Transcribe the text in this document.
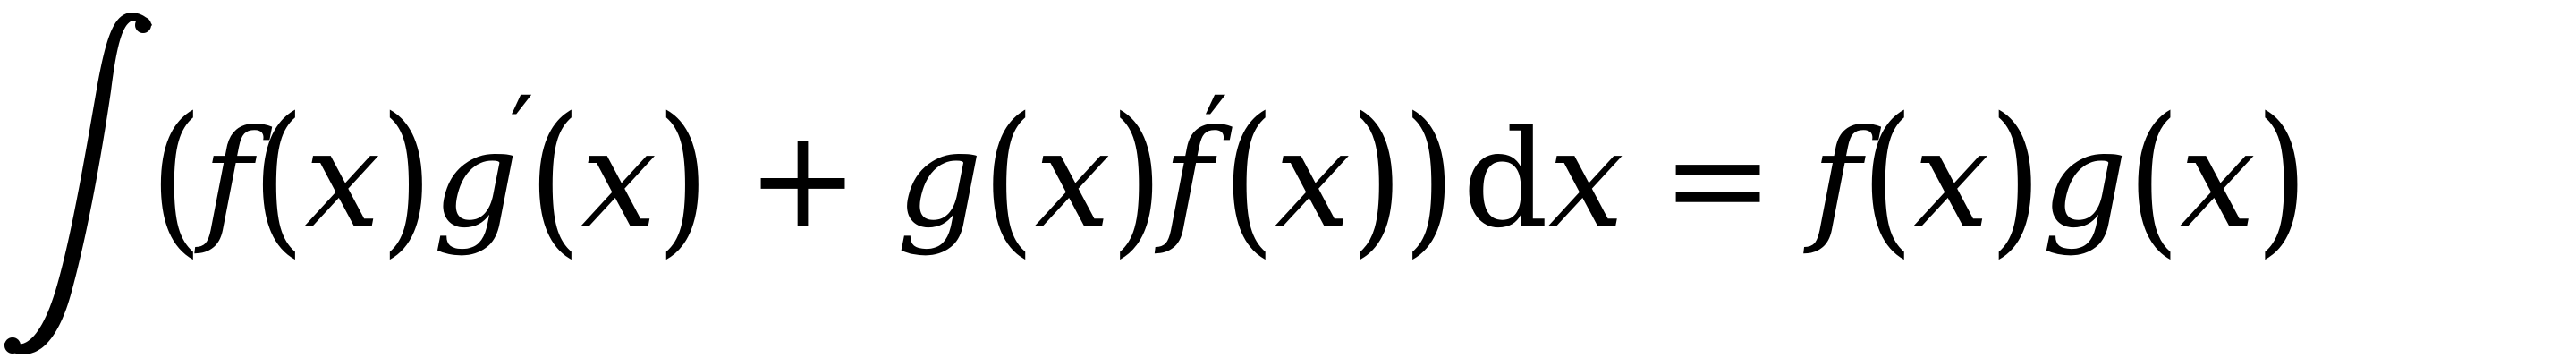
( f ( x ) g
′
( x ) + g ( x ) f
′
( x ) ) d x = f ( x ) g ( x )
